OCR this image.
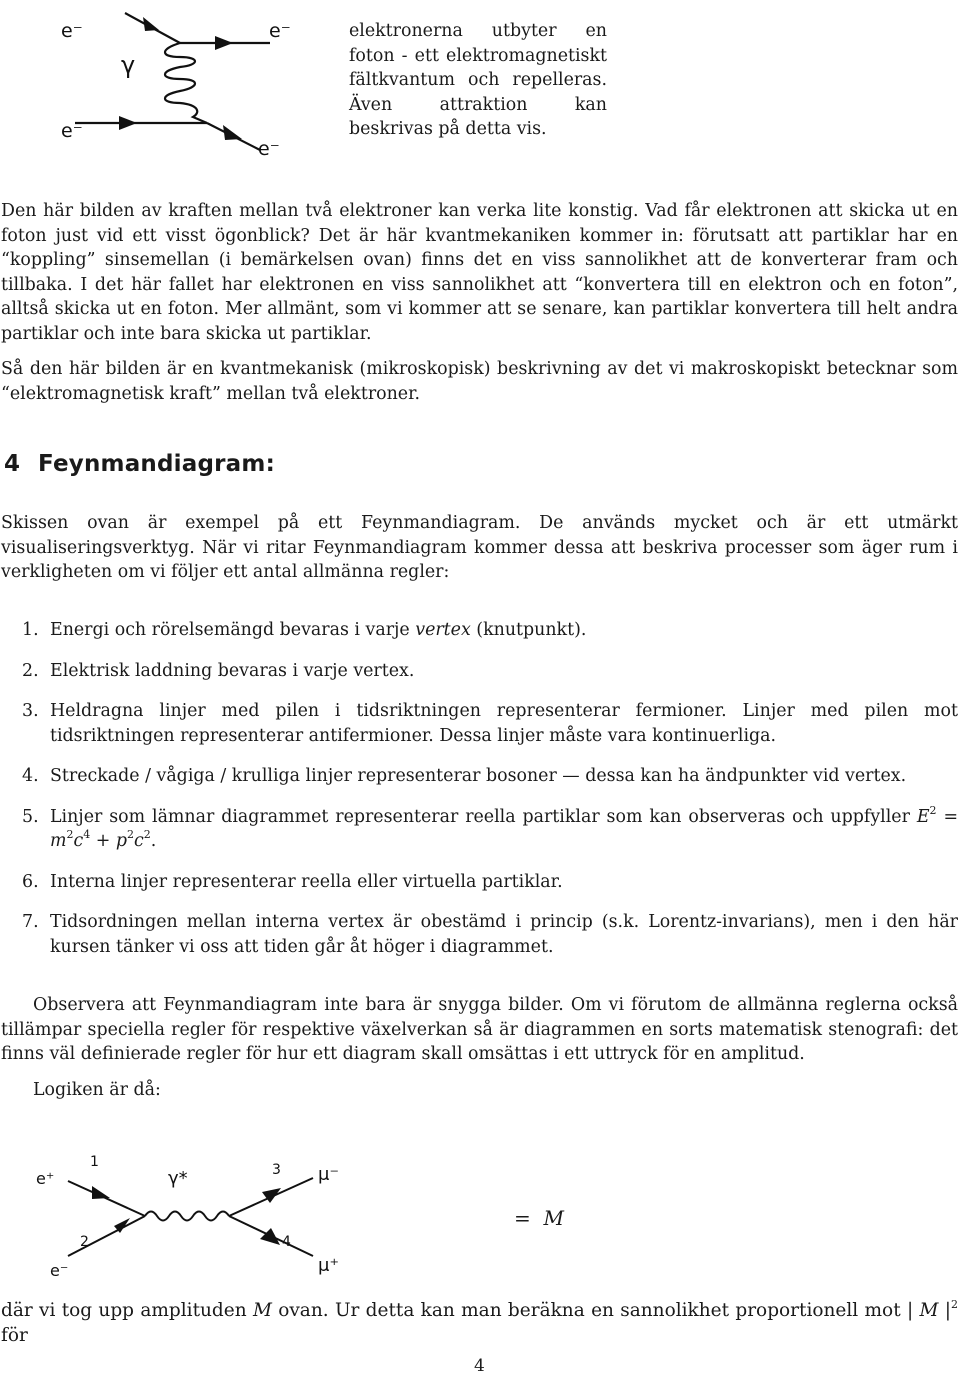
e⁻	e⁻
e⁻
e⁻
γ
elektronerna utbyter en foton - ett elektromagnetiskt fältkvantum och repelleras. Även attraktion kan beskrivas på detta vis.
Den här bilden av kraften mellan två elektroner kan verka lite konstig. Vad får elektronen att skicka ut en foton just vid ett visst ögonblick? Det är här kvantmekaniken kommer in: förutsatt att partiklar har en “koppling” sinsemellan (i bemärkelsen ovan) finns det en viss sannolikhet att de konverterar fram och tillbaka. I det här fallet har elektronen en viss sannolikhet att “konvertera till en elektron och en foton”, alltså skicka ut en foton. Mer allmänt, som vi kommer att se senare, kan partiklar konvertera till helt andra partiklar och inte bara skicka ut partiklar.
Så den här bilden är en kvantmekanisk (mikroskopisk) beskrivning av det vi makroskopiskt betecknar som “elektromagnetisk kraft” mellan två elektroner.
4 Feynmandiagram:
Skissen ovan är exempel på ett Feynmandiagram. De används mycket och är ett utmärkt visualiseringsverktyg. När vi ritar Feynmandiagram kommer dessa att beskriva processer som äger rum i verkligheten om vi följer ett antal allmänna regler:
1. Energi och rörelsemängd bevaras i varje vertex (knutpunkt).
2. Elektrisk laddning bevaras i varje vertex.
3. Heldragna linjer med pilen i tidsriktningen representerar fermioner. Linjer med pilen mot tidsriktningen representerar antifermioner. Dessa linjer måste vara kontinuerliga.
4. Streckade / vågiga / krulliga linjer representerar bosoner — dessa kan ha ändpunkter vid vertex.
5. Linjer som lämnar diagrammet representerar reella partiklar som kan observeras och uppfyller $E^2 = m^2c^4 + p^2c^2$.
6. Interna linjer representerar reella eller virtuella partiklar.
7. Tidsordningen mellan interna vertex är obestämd i princip (s.k. Lorentz-invarians), men i den här kursen tänker vi oss att tiden går åt höger i diagrammet.
Observera att Feynmandiagram inte bara är snygga bilder. Om vi förutom de allmänna reglerna också tillämpar speciella regler för respektive växelverkan så är diagrammen en sorts matematisk stenografi: det finns väl definierade regler för hur ett diagram skall omsättas i ett uttryck för en amplitud.
Logiken är då:
e⁺
e⁻
γ*	μ⁻
μ⁺
1
2
3
4
= M
där vi tog upp amplituden M ovan. Ur detta kan man beräkna en sannolikhet proportionell mot | M $|^2$ för
4
